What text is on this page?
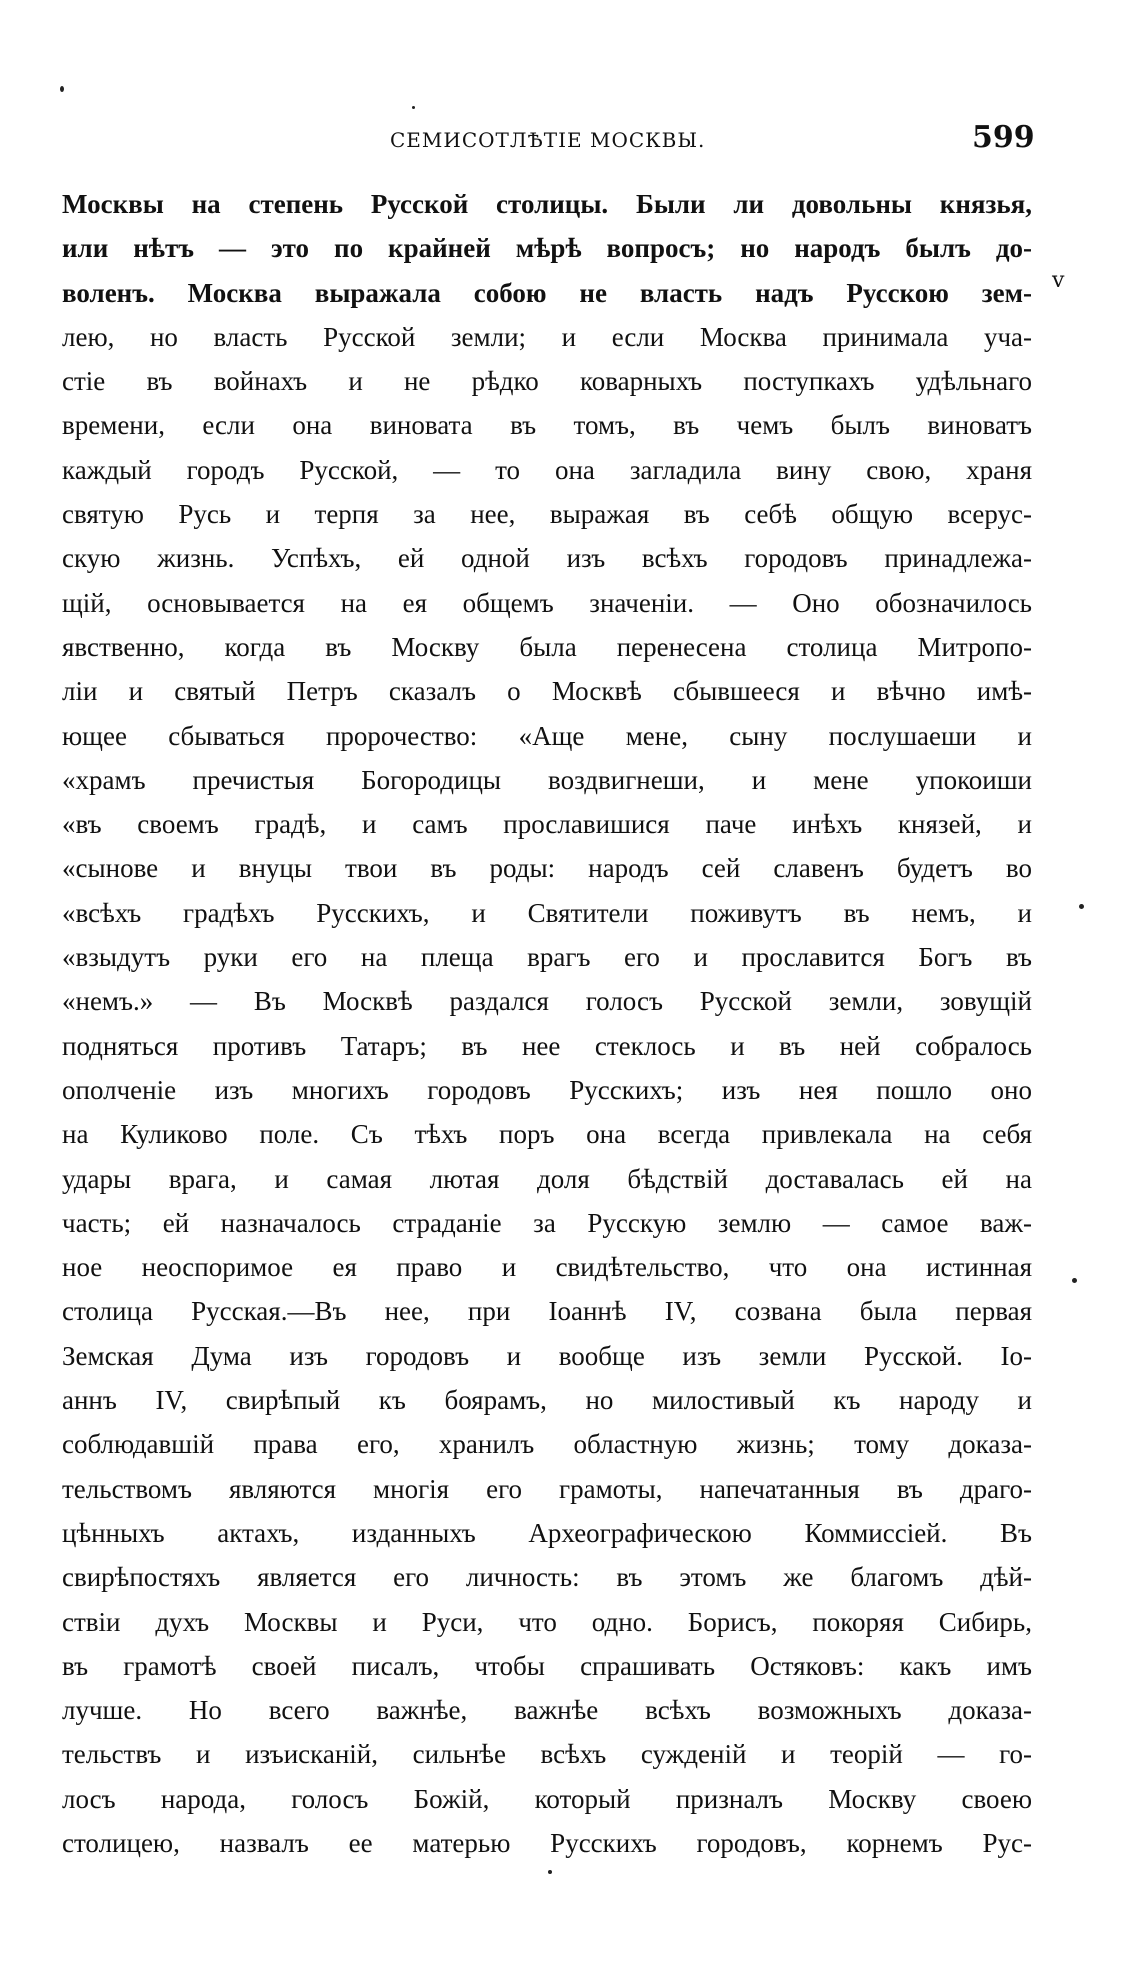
СЕМИСОТЛѢТІЕ МОСКВЫ.	599
v
Москвы на степень Русской столицы. Были ли довольны князья,
или нѣтъ — это по крайней мѣрѣ вопросъ; но народъ былъ до-
воленъ. Москва выражала собою не власть надъ Русскою зем-
лею, но власть Русской земли; и если Москва принимала уча-
стіе въ войнахъ и не рѣдко коварныхъ поступкахъ удѣльнаго
времени, если она виновата въ томъ, въ чемъ былъ виноватъ
каждый городъ Русской, — то она загладила вину свою, храня
святую Русь и терпя за нее, выражая въ себѣ общую всерус-
скую жизнь. Успѣхъ, ей одной изъ всѣхъ городовъ принадлежа-
щій, основывается на ея общемъ значеніи. — Оно обозначилось
явственно, когда въ Москву была перенесена столица Митропо-
ліи и святый Петръ сказалъ о Москвѣ сбывшееся и вѣчно имѣ-
ющее сбываться пророчество: «Аще мене, сыну послушаеши и
«храмъ пречистыя Богородицы воздвигнеши, и мене упокоиши
«въ своемъ градѣ, и самъ прославишися паче инѣхъ князей, и
«сынове и внуцы твои въ роды: народъ сей славенъ будетъ во
«всѣхъ градѣхъ Русскихъ, и Святители поживутъ въ немъ, и
«взыдутъ руки его на плеща врагъ его и прославится Богъ въ
«немъ.» — Въ Москвѣ раздался голосъ Русской земли, зовущій
подняться противъ Татаръ; въ нее стеклось и въ ней собралось
ополченіе изъ многихъ городовъ Русскихъ; изъ нея пошло оно
на Куликово поле. Съ тѣхъ поръ она всегда привлекала на себя
удары врага, и самая лютая доля бѣдствій доставалась ей на
часть; ей назначалось страданіе за Русскую землю — самое важ-
ное неоспоримое ея право и свидѣтельство, что она истинная
столица Русская.—Въ нее, при Іоаннѣ IV, созвана была первая
Земская Дума изъ городовъ и вообще изъ земли Русской. Іо-
аннъ IV, свирѣпый къ боярамъ, но милостивый къ народу и
соблюдавшій права его, хранилъ областную жизнь; тому доказа-
тельствомъ являются многія его грамоты, напечатанныя въ драго-
цѣнныхъ актахъ, изданныхъ Археографическою Коммиссіей. Въ
свирѣпостяхъ является его личность: въ этомъ же благомъ дѣй-
ствіи духъ Москвы и Руси, что одно. Борисъ, покоряя Сибирь,
въ грамотѣ своей писалъ, чтобы спрашивать Остяковъ: какъ имъ
лучше. Но всего важнѣе, важнѣе всѣхъ возможныхъ доказа-
тельствъ и изъисканій, сильнѣе всѣхъ сужденій и теорій — го-
лосъ народа, голосъ Божій, который призналъ Москву своею
столицею, назвалъ ее матерью Русскихъ городовъ, корнемъ Рус-
